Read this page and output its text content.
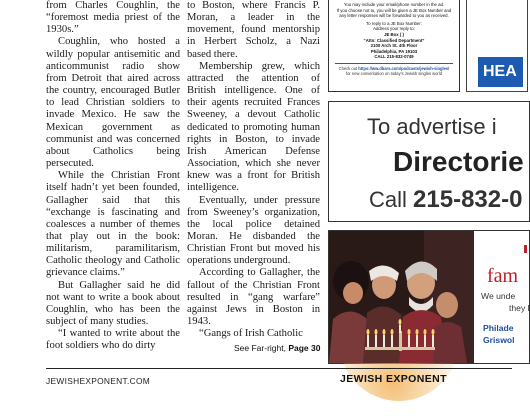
from Charles Coughlin, the “foremost media priest of the 1930s.”

Coughlin, who hosted a wildly popular antisemitic and anticommunist radio show from Detroit that aired across the country, encouraged Butler to lead Christian soldiers to invade Mexico. He saw the Mexican government as communist and was concerned about Catholics being persecuted.

While the Christian Front itself hadn’t yet been founded, Gallagher said that this “exchange is fascinating and coalesces a number of themes that play out in the book: militarism, paramilitarism, Catholic theology and Catholic grievance claims.”

But Gallagher said he did not want to write a book about Coughlin, who has been the subject of many studies.

“I wanted to write about the foot soldiers who do dirty

to Boston, where Francis P. Moran, a leader in the movement, found mentorship in Herbert Scholz, a Nazi based there.

Membership grew, which attracted the attention of British intelligence. One of their agents recruited Frances Sweeney, a devout Catholic dedicated to promoting human rights in Boston, to invade Irish American Defense Association, which she never knew was a front for British intelligence.

Eventually, under pressure from Sweeney’s organization, the local police detained Moran. He disbanded the Christian Front but moved his operations underground.

According to Gallagher, the fallout of the Christian Front resulted in “gang warfare” against Jews in Boston in 1943.

“Gangs of Irish Catholic

See Far-right, Page 30
You may include your email/phone number in the ad.
If you choose not to, you will be given a JE Box Number and
any letter responses will be forwarded to you as received.
To reply to a JE Box Number:
Address your reply to:
JE Box ( )
“Attn: Classified Department”
2100 Arch St. 4th Floor
Philadelphia, PA 19103
CALL 215-832-0749
Check out https://ww.dbars.com/podcasts/jewish-singles/
for new conversation on today’s Jewish singles world	HEA
To advertise i
Directorie
Call 215-832-0
fam
We unde
they l
Philade
Griswol
JEWISHEXPONENT.COM	JEWISH EXPONENT
